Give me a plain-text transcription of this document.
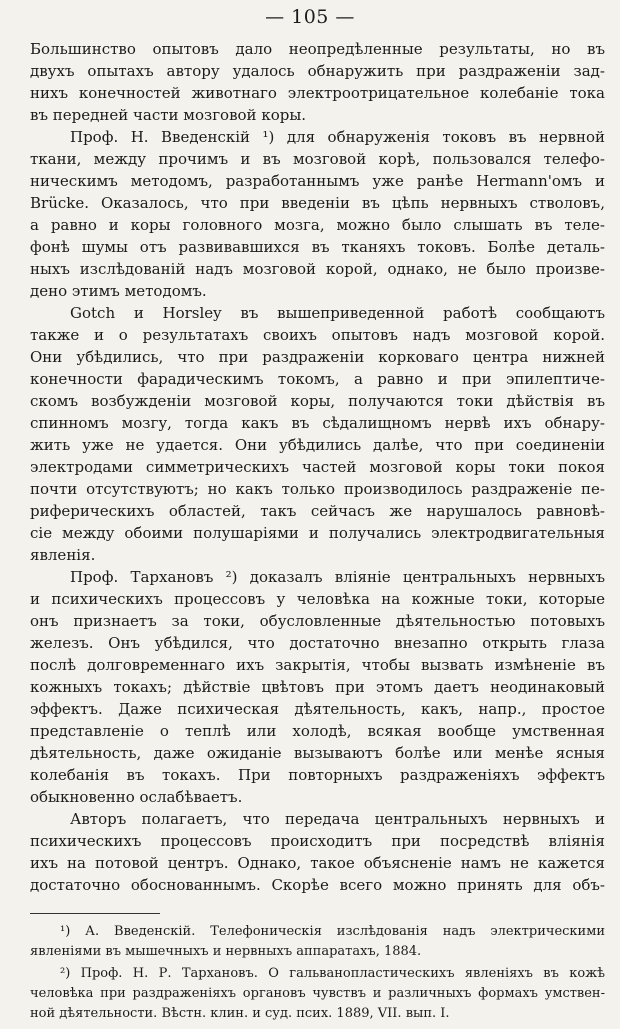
— 105 —
Большинство опытовъ дало неопредѣленные результаты, но въ
двухъ опытахъ автору удалось обнаружить при раздраженіи зад-
нихъ конечностей животнаго электроотрицательное колебаніе тока
въ передней части мозговой коры.
Проф. Н. Введенскій ¹) для обнаруженія токовъ въ нервной
ткани, между прочимъ и въ мозговой корѣ, пользовался телефо-
ническимъ методомъ, разработаннымъ уже ранѣе Hermann'омъ и
Brücke. Оказалось, что при введеніи въ цѣпь нервныхъ стволовъ,
а равно и коры головного мозга, можно было слышать въ телe-
фонѣ шумы отъ развивавшихся въ тканяхъ токовъ. Болѣе деталь-
ныхъ изслѣдованій надъ мозговой корой, однако, не было произве-
дено этимъ методомъ.
Gotch и Horsley въ вышеприведенной работѣ сообщаютъ
также и о результатахъ своихъ опытовъ надъ мозговой корой.
Они убѣдились, что при раздраженіи корковаго центра нижней
конечности фарадическимъ токомъ, а равно и при эпилептиче-
скомъ возбужденіи мозговой коры, получаются токи дѣйствія въ
спинномъ мозгу, тогда какъ въ сѣдалищномъ нервѣ ихъ обнару-
жить уже не удается. Они убѣдились далѣе, что при соединеніи
электродами симметрическихъ частей мозговой коры токи покоя
почти отсутствуютъ; но какъ только производилось раздраженіе пе-
риферическихъ областей, такъ сейчасъ же нарушалось равновѣ-
сіе между обоими полушаріями и получались электродвигательныя
явленія.
Проф. Тархановъ ²) доказалъ вліяніе центральныхъ нервныхъ
и психическихъ процессовъ у человѣка на кожные токи, которые
онъ признаетъ за токи, обусловленные дѣятельностью потовыхъ
железъ. Онъ убѣдился, что достаточно внезапно открыть глаза
послѣ долговременнаго ихъ закрытія, чтобы вызвать измѣненіе въ
кожныхъ токахъ; дѣйствіе цвѣтовъ при этомъ даетъ неодинаковый
эффектъ. Даже психическая дѣятельность, какъ, напр., простое
представленіе о теплѣ или холодѣ, всякая вообще умственная
дѣятельность, даже ожиданіе вызываютъ болѣе или менѣе ясныя
колебанія въ токахъ. При повторныхъ раздраженіяхъ эффектъ
обыкновенно ослабѣваетъ.
Авторъ полагаетъ, что передача центральныхъ нервныхъ и
психическихъ процессовъ происходитъ при посредствѣ вліянія
ихъ на потовой центръ. Однако, такое объясненіе намъ не кажется
достаточно обоснованнымъ. Скорѣе всего можно принять для объ-
¹) А. Введенскій. Телефоническія изслѣдованія надъ электрическими
явленіями въ мышечныхъ и нервныхъ аппаратахъ, 1884.
²) Проф. Н. Р. Тархановъ. О гальванопластическихъ явленіяхъ въ кожѣ
человѣка при раздраженіяхъ органовъ чувствъ и различныхъ формахъ умствен-
ной дѣятельности. Вѣстн. клин. и суд. псих. 1889, VII. вып. I.
